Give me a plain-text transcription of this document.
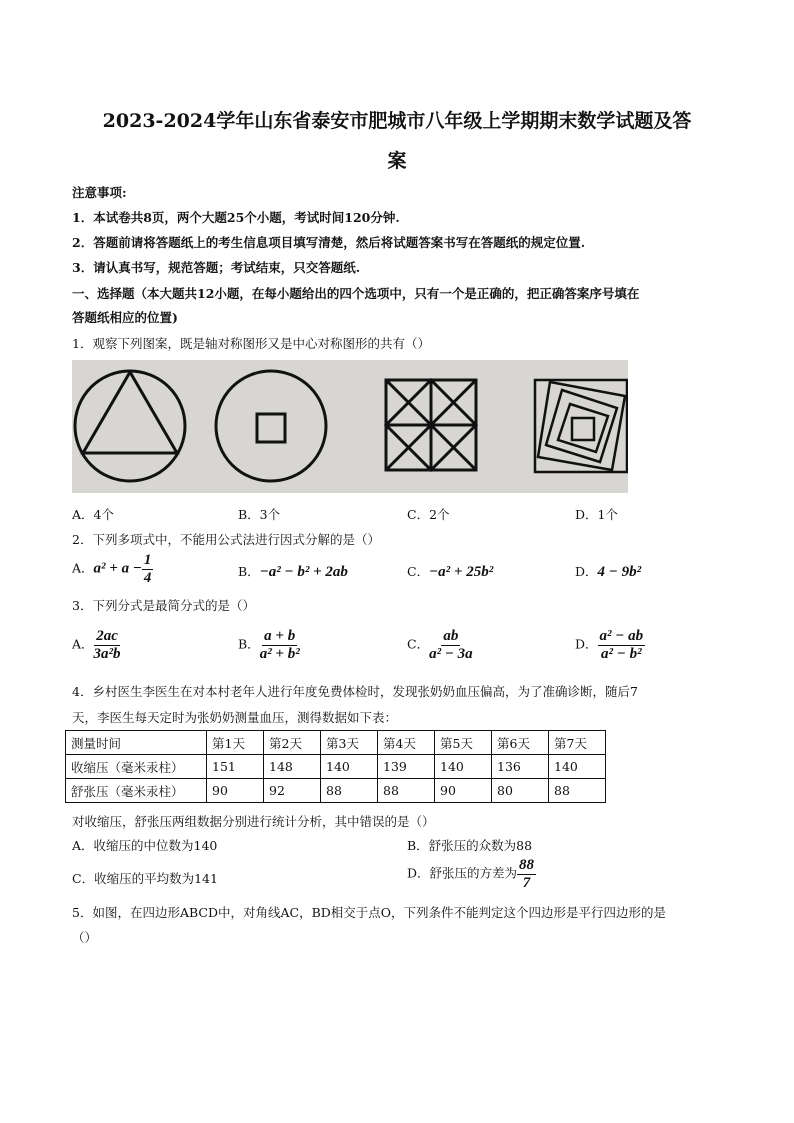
2023-2024学年山东省泰安市肥城市八年级上学期期末数学试题及答
案
注意事项:
1．本试卷共8页，两个大题25个小题，考试时间120分钟.
2．答题前请将答题纸上的考生信息项目填写清楚，然后将试题答案书写在答题纸的规定位置.
3．请认真书写，规范答题；考试结束，只交答题纸.
一、选择题（本大题共12小题，在每小题给出的四个选项中，只有一个是正确的，把正确答案序号填在
答题纸相应的位置)
1．观察下列图案，既是轴对称图形又是中心对称图形的共有（）
A．4个	B．3个	C．2个	D．1个
2．下列多项式中，不能用公式法进行因式分解的是（）
A．$a^2 + a - \frac{1}{4}$	B．−a² − b² + 2ab	C．−a² + 25b²	D．4 − 9b²
3．下列分式是最简分式的是（）
A． $\frac{2ac}{\text{3a²b}}$	B． $\frac{a + b}{\text{a² + b²}}$	C． $\frac{ab}{\text{a² − 3a}}$	D． $\frac{\text{a² − ab}}{\text{a² − b²}}$
4．乡村医生李医生在对本村老年人进行年度免费体检时，发现张奶奶血压偏高，为了准确诊断，随后7
天，李医生每天定时为张奶奶测量血压，测得数据如下表：
测量时间	第1天	第2天	第3天	第4天	第5天	第6天	第7天
收缩压（毫米汞柱）	151	148	140	139	140	136	140
舒张压（毫米汞柱）	90	92	88	88	90	80	88
对收缩压，舒张压两组数据分别进行统计分析，其中错误的是（）
A．收缩压的中位数为140	B．舒张压的众数为88
C．收缩压的平均数为141	D．舒张压的方差为 $\frac{88}{7}$
5．如图，在四边形ABCD中，对角线AC，BD相交于点O，下列条件不能判定这个四边形是平行四边形的是
（）
